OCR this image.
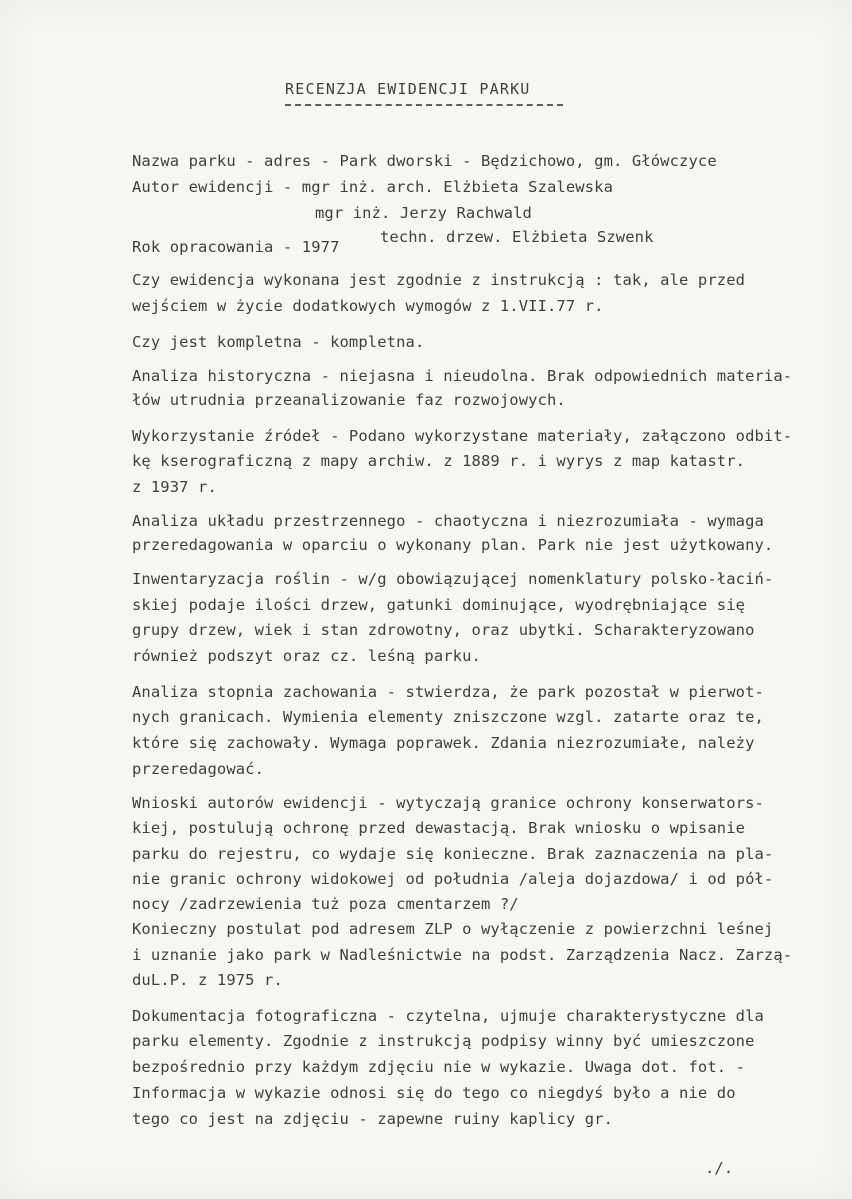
RECENZJA EWIDENCJI PARKU
Nazwa parku - adres - Park dworski - Będzichowo, gm. Główczyce
Autor ewidencji - mgr inż. arch. Elżbieta Szalewska
mgr inż. Jerzy Rachwald
Rok opracowania - 1977
techn. drzew. Elżbieta Szwenk
Czy ewidencja wykonana jest zgodnie z instrukcją : tak, ale przed
wejściem w życie dodatkowych wymogów z 1.VII.77 r.
Czy jest kompletna - kompletna.
Analiza historyczna - niejasna i nieudolna. Brak odpowiednich materia-
łów utrudnia przeanalizowanie faz rozwojowych.
Wykorzystanie źródeł - Podano wykorzystane materiały, załączono odbit-
kę kserograficzną z mapy archiw. z 1889 r. i wyrys z map katastr.
z 1937 r.
Analiza układu przestrzennego - chaotyczna i niezrozumiała - wymaga
przeredagowania w oparciu o wykonany plan. Park nie jest użytkowany.
Inwentaryzacja roślin - w/g obowiązującej nomenklatury polsko-łaciń-
skiej podaje ilości drzew, gatunki dominujące, wyodrębniające się
grupy drzew, wiek i stan zdrowotny, oraz ubytki. Scharakteryzowano
również podszyt oraz cz. leśną parku.
Analiza stopnia zachowania - stwierdza, że park pozostał w pierwot-
nych granicach. Wymienia elementy zniszczone wzgl. zatarte oraz te,
które się zachowały. Wymaga poprawek. Zdania niezrozumiałe, należy
przeredagować.
Wnioski autorów ewidencji - wytyczają granice ochrony konserwators-
kiej, postulują ochronę przed dewastacją. Brak wniosku o wpisanie
parku do rejestru, co wydaje się konieczne. Brak zaznaczenia na pla-
nie granic ochrony widokowej od południa /aleja dojazdowa/ i od pół-
nocy /zadrzewienia tuż poza cmentarzem ?/
Konieczny postulat pod adresem ZLP o wyłączenie z powierzchni leśnej
i uznanie jako park w Nadleśnictwie na podst. Zarządzenia Nacz. Zarzą-
duL.P. z 1975 r.
Dokumentacja fotograficzna - czytelna, ujmuje charakterystyczne dla
parku elementy. Zgodnie z instrukcją podpisy winny być umieszczone
bezpośrednio przy każdym zdjęciu nie w wykazie. Uwaga dot. fot. -
Informacja w wykazie odnosi się do tego co niegdyś było a nie do
tego co jest na zdjęciu - zapewne ruiny kaplicy gr.
./.
